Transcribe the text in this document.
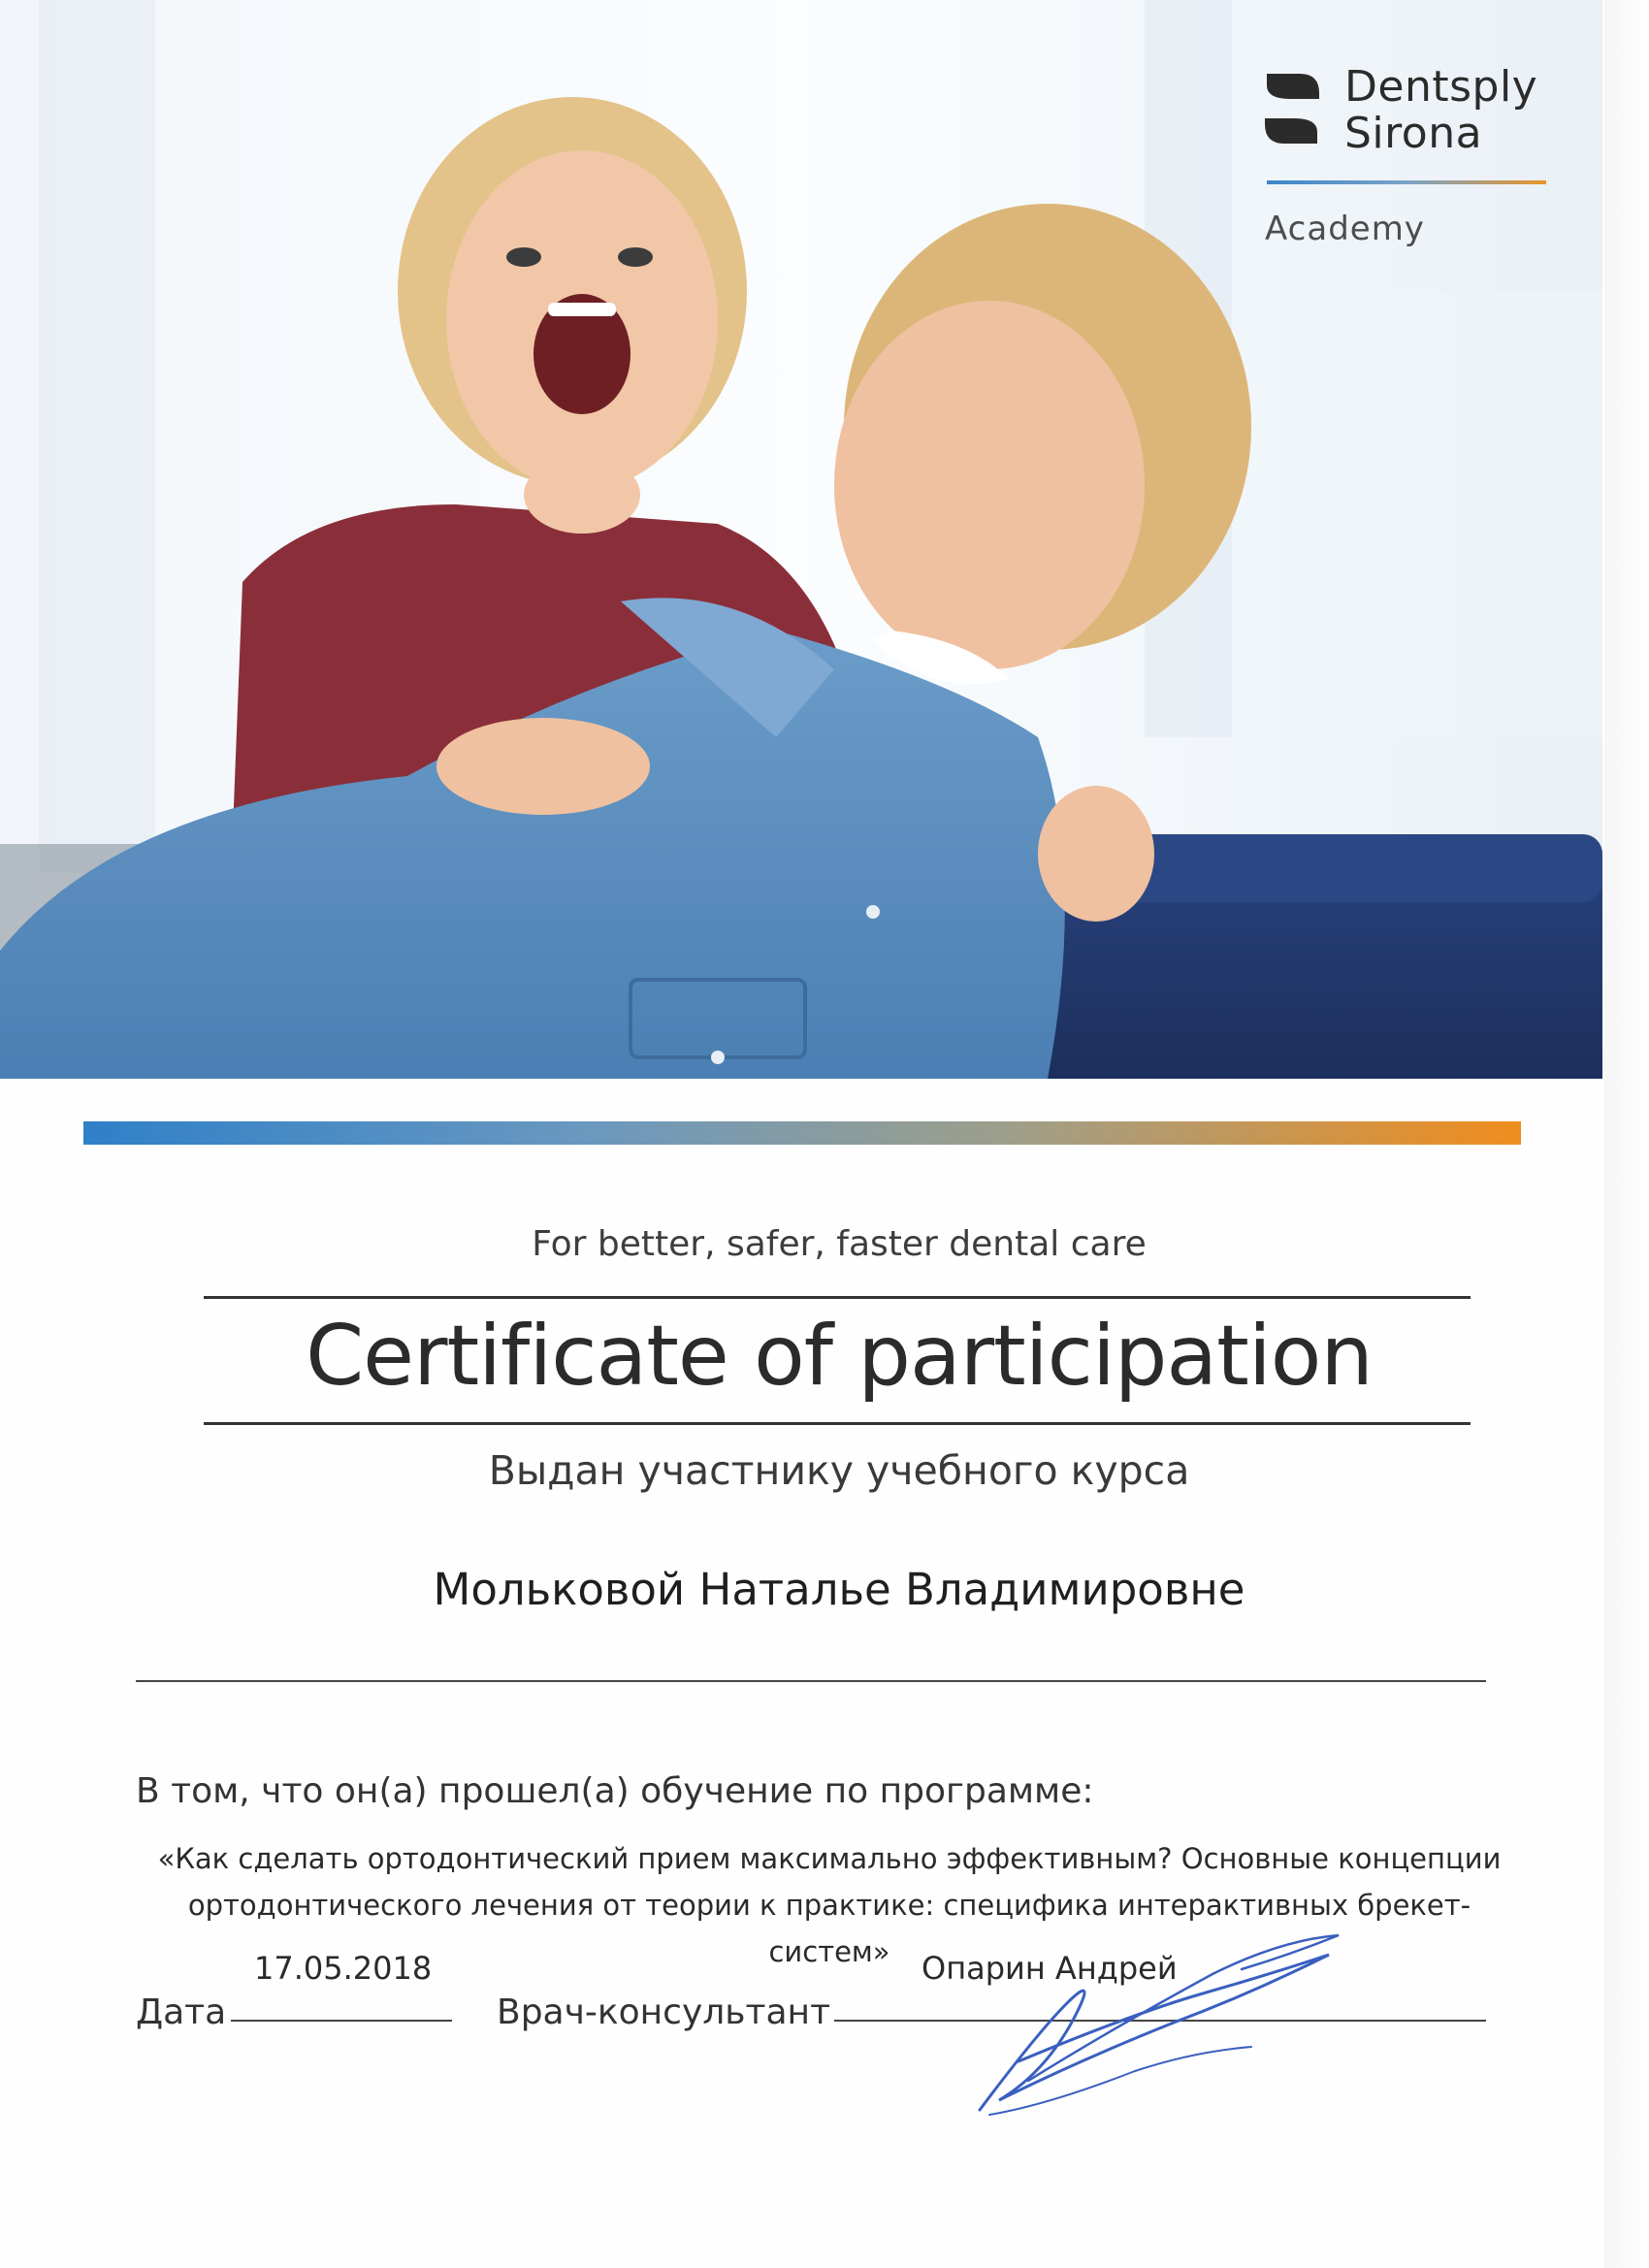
Dentsply
Sirona
Academy
For better, safer, faster dental care
Certificate of participation
Выдан участнику учебного курса
Мольковой Наталье Владимировне
В том, что он(а) прошел(а) обучение по программе:
«Как сделать ортодонтический прием максимально эффективным? Основные концепции
ортодонтического лечения от теории к практике: специфика интерактивных брекет-систем»
17.05.2018
Дата	Врач-консультант
Опарин Андрей
